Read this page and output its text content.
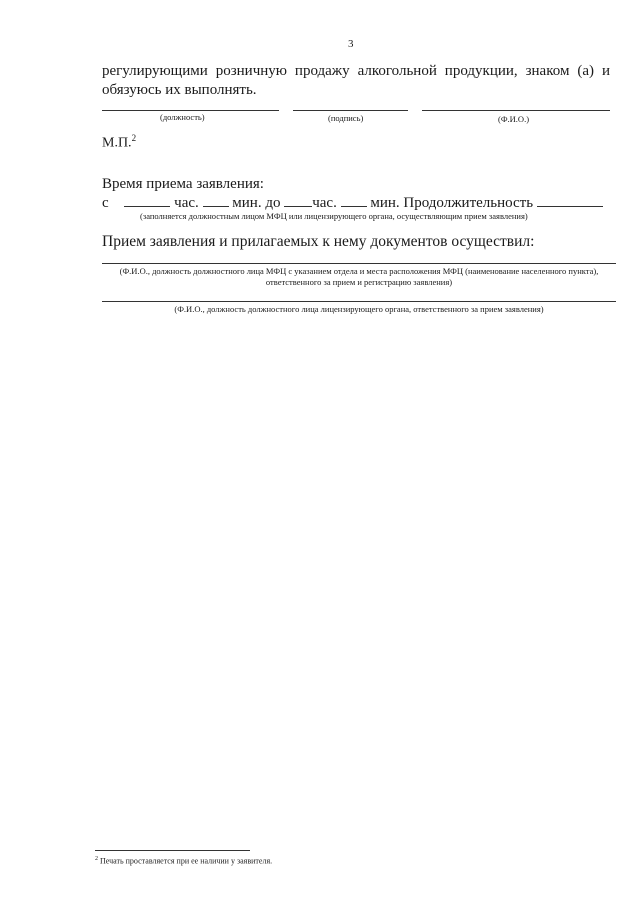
3
регулирующими розничную продажу алкогольной продукции, знаком (а) и
обязуюсь их выполнять.
(должность)	(подпись)	(Ф.И.О.)
М.П.$^2$
Время приема заявления:
с	час. мин. до час. мин. Продолжительность
(заполняется должностным лицом МФЦ или лицензирующего органа, осуществляющим прием заявления)
Прием заявления и прилагаемых к нему документов осуществил:
(Ф.И.О., должность должностного лица МФЦ с указанием отдела и места расположения МФЦ (наименование населенного пункта), ответственного за прием и регистрацию заявления)
(Ф.И.О., должность должностного лица лицензирующего органа, ответственного за прием заявления)
$^2$ Печать проставляется при ее наличии у заявителя.
